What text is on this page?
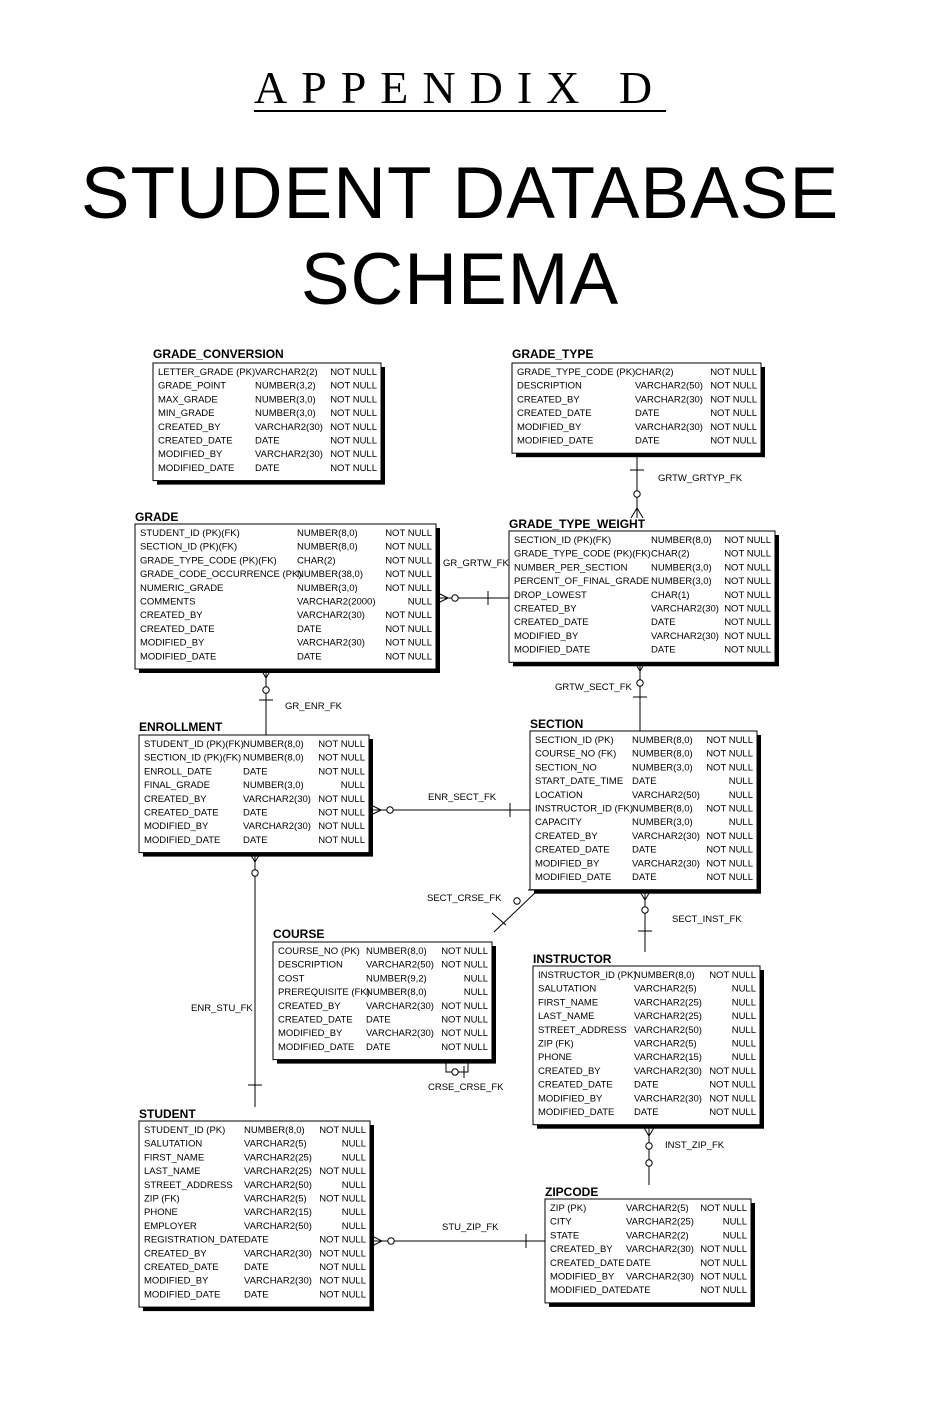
APPENDIX D
STUDENT DATABASE
SCHEMA
GRADE_CONVERSION
LETTER_GRADE (PK) VARCHAR2(2) NOT NULL
GRADE_POINT	NUMBER(3,2) NOT NULL
MAX_GRADE	NUMBER(3,0) NOT NULL
MIN_GRADE	NUMBER(3,0) NOT NULL
CREATED_BY	VARCHAR2(30) NOT NULL
CREATED_DATE DATE	NOT NULL
MODIFIED_BY	VARCHAR2(30) NOT NULL
MODIFIED_DATE DATE	NOT NULL
GRADE_TYPE
GRADE_TYPE_CODE (PK) CHAR(2)	NOT NULL
DESCRIPTION	VARCHAR2(50) NOT NULL
CREATED_BY	VARCHAR2(30) NOT NULL
CREATED_DATE	DATE	NOT NULL
MODIFIED_BY	VARCHAR2(30) NOT NULL
MODIFIED_DATE	DATE	NOT NULL
GRADE
STUDENT_ID (PK)(FK)	NUMBER(8,0)	NOT NULL
SECTION_ID (PK)(FK)	NUMBER(8,0)	NOT NULL
GRADE_TYPE_CODE (PK)(FK) CHAR(2)	NOT NULL
GRADE_CODE_OCCURRENCE (PK)
NUMBER(38,0) NOT NULL
NUMERIC_GRADE	NUMBER(3,0)	NOT NULL
COMMENTS	VARCHAR2(2000)	NULL
CREATED_BY	VARCHAR2(30) NOT NULL
CREATED_DATE	DATE	NOT NULL
MODIFIED_BY	VARCHAR2(30) NOT NULL
MODIFIED_DATE	DATE	NOT NULL
GRADE_TYPE_WEIGHT
SECTION_ID (PK)(FK)	NUMBER(8,0) NOT NULL
GRADE_TYPE_CODE (PK)(FK) CHAR(2)	NOT NULL
NUMBER_PER_SECTION NUMBER(3,0) NOT NULL
PERCENT_OF_FINAL_GRADE NUMBER(3,0) NOT NULL
DROP_LOWEST	CHAR(1)	NOT NULL
CREATED_BY	VARCHAR2(30) NOT NULL
CREATED_DATE	DATE	NOT NULL
MODIFIED_BY	VARCHAR2(30) NOT NULL
MODIFIED_DATE	DATE	NOT NULL
ENROLLMENT
STUDENT_ID (PK)(FK) NUMBER(8,0) NOT NULL
SECTION_ID (PK)(FK) NUMBER(8,0) NOT NULL
ENROLL_DATE	DATE	NOT NULL
FINAL_GRADE	NUMBER(3,0)	NULL
CREATED_BY	VARCHAR2(30) NOT NULL
CREATED_DATE	DATE	NOT NULL
MODIFIED_BY	VARCHAR2(30) NOT NULL
MODIFIED_DATE DATE	NOT NULL
SECTION
SECTION_ID (PK) NUMBER(8,0) NOT NULL
COURSE_NO (FK) NUMBER(8,0) NOT NULL
SECTION_NO	NUMBER(3,0) NOT NULL
START_DATE_TIME DATE	NULL
LOCATION	VARCHAR2(50)	NULL
INSTRUCTOR_ID (FK) NUMBER(8,0) NOT NULL
CAPACITY	NUMBER(3,0)	NULL
CREATED_BY	VARCHAR2(30) NOT NULL
CREATED_DATE DATE	NOT NULL
MODIFIED_BY	VARCHAR2(30) NOT NULL
MODIFIED_DATE DATE	NOT NULL
COURSE
COURSE_NO (PK) NUMBER(8,0) NOT NULL
DESCRIPTION VARCHAR2(50) NOT NULL
COST	NUMBER(9,2)	NULL
PREREQUISITE (FK)
NUMBER(8,0)	NULL
CREATED_BY	VARCHAR2(30) NOT NULL
CREATED_DATE DATE	NOT NULL
MODIFIED_BY VARCHAR2(30) NOT NULL
MODIFIED_DATE DATE	NOT NULL
INSTRUCTOR
INSTRUCTOR_ID (PK)
NUMBER(8,0) NOT NULL
SALUTATION	VARCHAR2(5)	NULL
FIRST_NAME	VARCHAR2(25)	NULL
LAST_NAME	VARCHAR2(25)	NULL
STREET_ADDRESS VARCHAR2(50)	NULL
ZIP (FK)	VARCHAR2(5)	NULL
PHONE	VARCHAR2(15)	NULL
CREATED_BY	VARCHAR2(30) NOT NULL
CREATED_DATE DATE	NOT NULL
MODIFIED_BY	VARCHAR2(30) NOT NULL
MODIFIED_DATE DATE	NOT NULL
STUDENT
STUDENT_ID (PK) NUMBER(8,0) NOT NULL
SALUTATION	VARCHAR2(5)	NULL
FIRST_NAME	VARCHAR2(25)	NULL
LAST_NAME	VARCHAR2(25) NOT NULL
STREET_ADDRESS VARCHAR2(50)	NULL
ZIP (FK)	VARCHAR2(5) NOT NULL
PHONE	VARCHAR2(15)	NULL
EMPLOYER	VARCHAR2(50)	NULL
REGISTRATION_DATE DATE	NOT NULL
CREATED_BY	VARCHAR2(30) NOT NULL
CREATED_DATE	DATE	NOT NULL
MODIFIED_BY	VARCHAR2(30) NOT NULL
MODIFIED_DATE DATE	NOT NULL
ZIPCODE
ZIP (PK)	VARCHAR2(5) NOT NULL
CITY	VARCHAR2(25)	NULL
STATE	VARCHAR2(2)	NULL
CREATED_BY VARCHAR2(30) NOT NULL
CREATED_DATE DATE	NOT NULL
MODIFIED_BY VARCHAR2(30) NOT NULL
MODIFIED_DATE DATE	NOT NULL
GRTW_GRTYP_FK
GR_GRTW_FK
GRTW_SECT_FK
GR_ENR_FK
ENR_SECT_FK
SECT_CRSE_FK
SECT_INST_FK
ENR_STU_FK
CRSE_CRSE_FK
INST_ZIP_FK
STU_ZIP_FK
